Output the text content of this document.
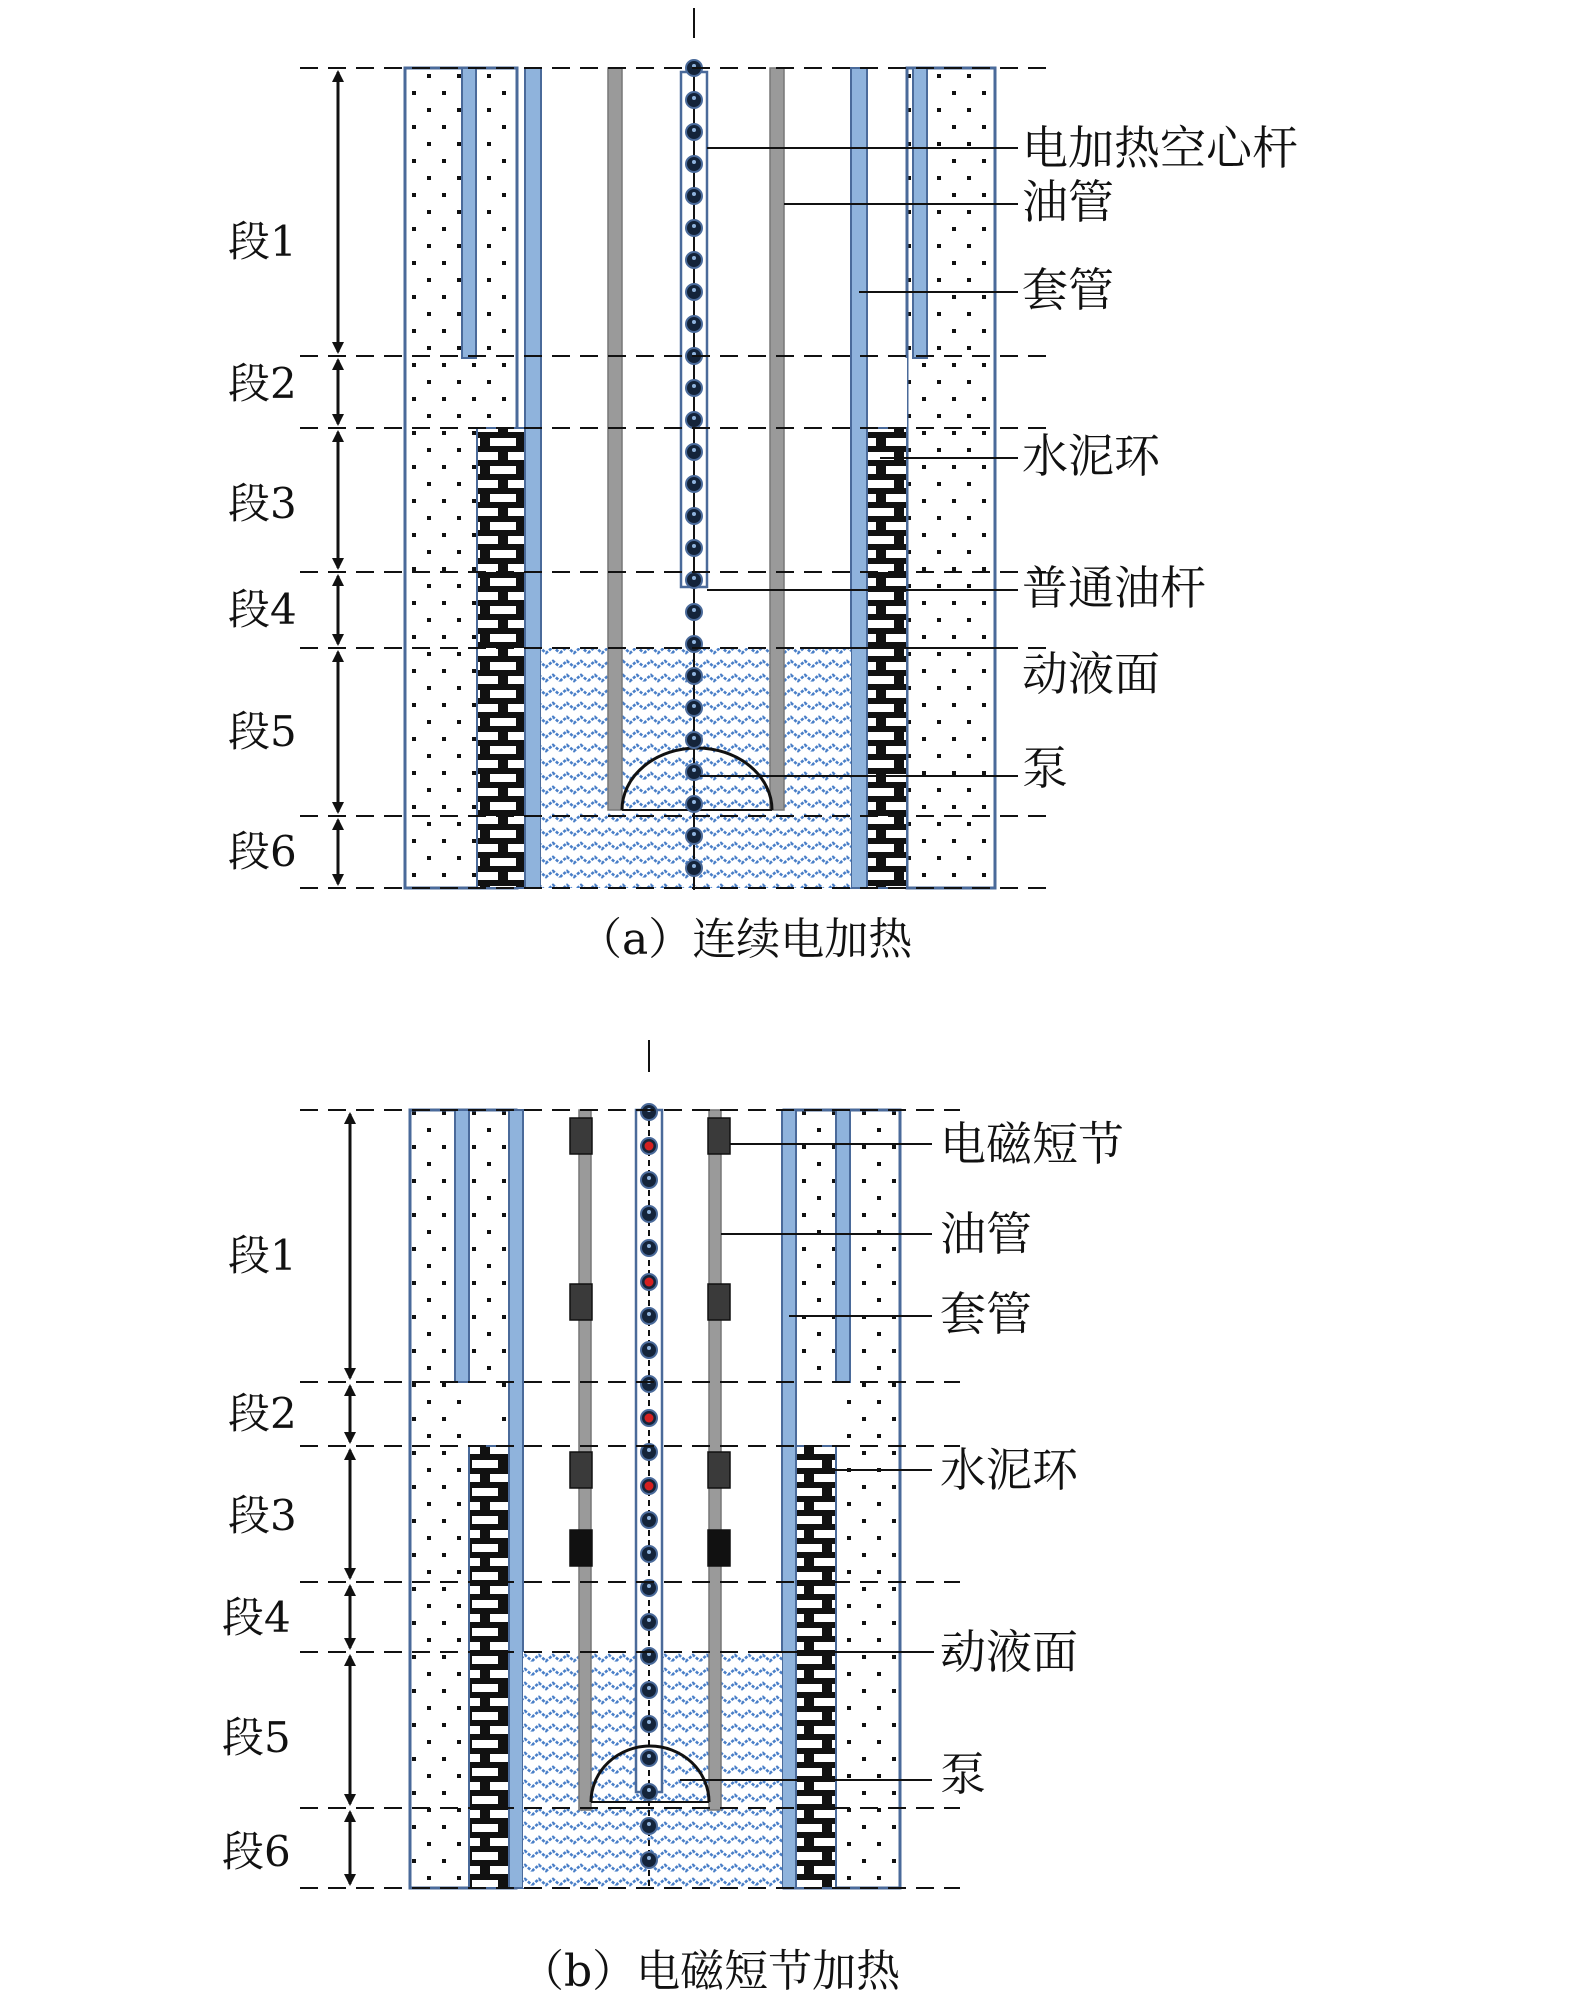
段1
段2
段3
段4
段5
段6
电加热空心杆
油管
套管
水泥环
普通油杆
动液面
泵
（a）连续电加热
段1
段2
段3
段4
段5
段6
电磁短节
油管
套管
水泥环
动液面
泵
（b）电磁短节加热
